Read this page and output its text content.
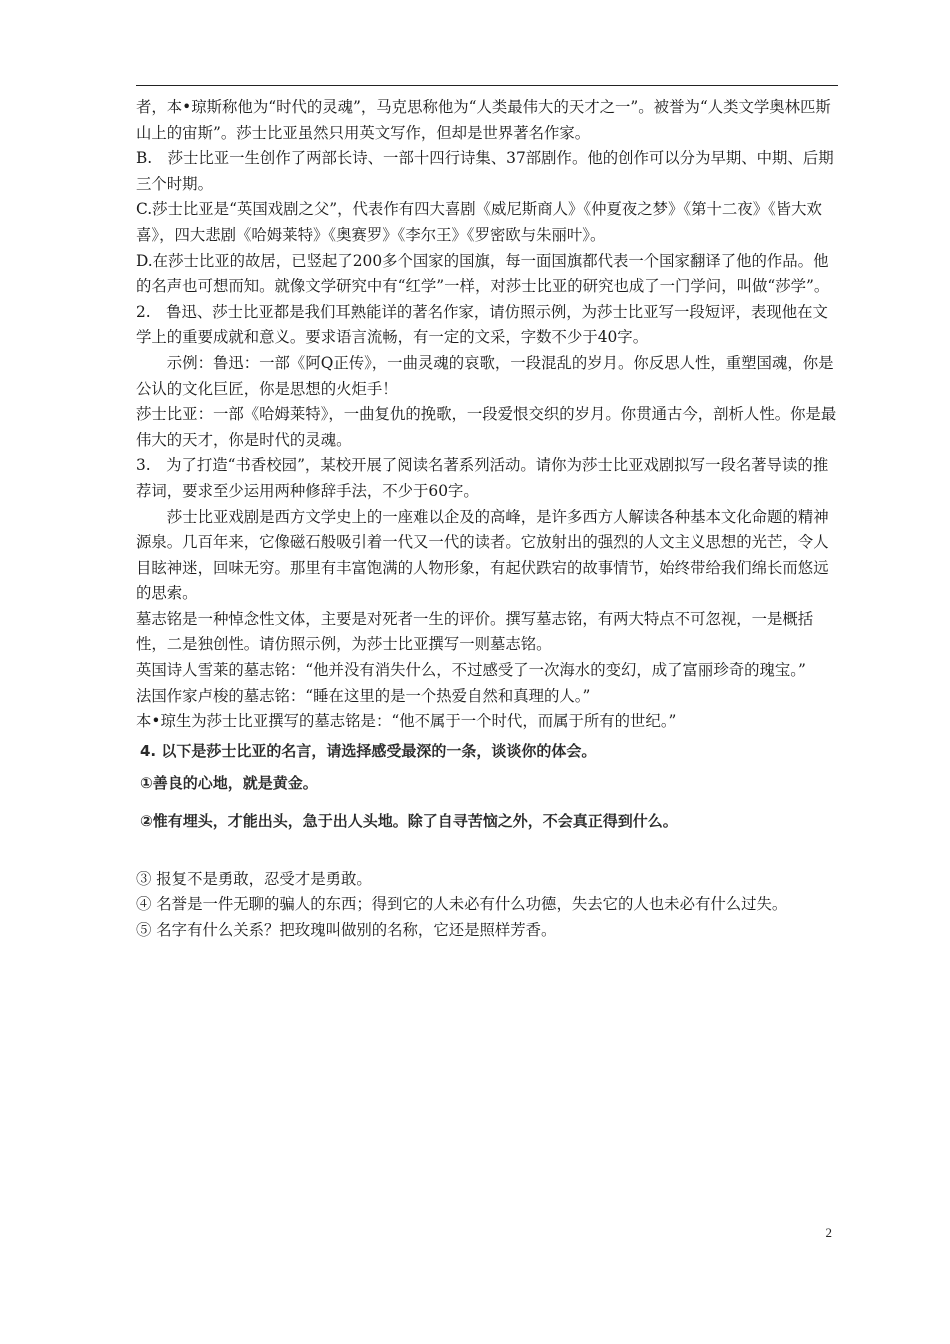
者，本•琼斯称他为“时代的灵魂”，马克思称他为“人类最伟大的天才之一”。被誉为“人类文学奥林匹斯山上的宙斯”。莎士比亚虽然只用英文写作，但却是世界著名作家。

B.　莎士比亚一生创作了两部长诗、一部十四行诗集、37部剧作。他的创作可以分为早期、中期、后期三个时期。

C.莎士比亚是“英国戏剧之父”，代表作有四大喜剧《威尼斯商人》《仲夏夜之梦》《第十二夜》《皆大欢喜》，四大悲剧《哈姆莱特》《奥赛罗》《李尔王》《罗密欧与朱丽叶》。

D.在莎士比亚的故居，已竖起了200多个国家的国旗，每一面国旗都代表一个国家翻译了他的作品。他的名声也可想而知。就像文学研究中有“红学”一样，对莎士比亚的研究也成了一门学问，叫做“莎学”。

2.　鲁迅、莎士比亚都是我们耳熟能详的著名作家，请仿照示例，为莎士比亚写一段短评，表现他在文学上的重要成就和意义。要求语言流畅，有一定的文采，字数不少于40字。

示例：鲁迅：一部《阿Q正传》，一曲灵魂的哀歌，一段混乱的岁月。你反思人性，重塑国魂，你是公认的文化巨匠，你是思想的火炬手！

莎士比亚：一部《哈姆莱特》，一曲复仇的挽歌，一段爱恨交织的岁月。你贯通古今，剖析人性。你是最伟大的天才，你是时代的灵魂。

3.　为了打造“书香校园”，某校开展了阅读名著系列活动。请你为莎士比亚戏剧拟写一段名著导读的推荐词，要求至少运用两种修辞手法，不少于60字。

莎士比亚戏剧是西方文学史上的一座难以企及的高峰，是许多西方人解读各种基本文化命题的精神源泉。几百年来，它像磁石般吸引着一代又一代的读者。它放射出的强烈的人文主义思想的光芒，令人目眩神迷，回味无穷。那里有丰富饱满的人物形象，有起伏跌宕的故事情节，始终带给我们绵长而悠远的思索。

墓志铭是一种悼念性文体，主要是对死者一生的评价。撰写墓志铭，有两大特点不可忽视，一是概括性，二是独创性。请仿照示例，为莎士比亚撰写一则墓志铭。

英国诗人雪莱的墓志铭：“他并没有消失什么，不过感受了一次海水的变幻，成了富丽珍奇的瑰宝。”

法国作家卢梭的墓志铭：“睡在这里的是一个热爱自然和真理的人。”

本•琼生为莎士比亚撰写的墓志铭是：“他不属于一个时代，而属于所有的世纪。”

4. 以下是莎士比亚的名言，请选择感受最深的一条，谈谈你的体会。

①善良的心地，就是黄金。

②惟有埋头，才能出头，急于出人头地。除了自寻苦恼之外，不会真正得到什么。

③ 报复不是勇敢，忍受才是勇敢。

④ 名誉是一件无聊的骗人的东西；得到它的人未必有什么功德，失去它的人也未必有什么过失。

⑤ 名字有什么关系？把玫瑰叫做别的名称，它还是照样芳香。

2
